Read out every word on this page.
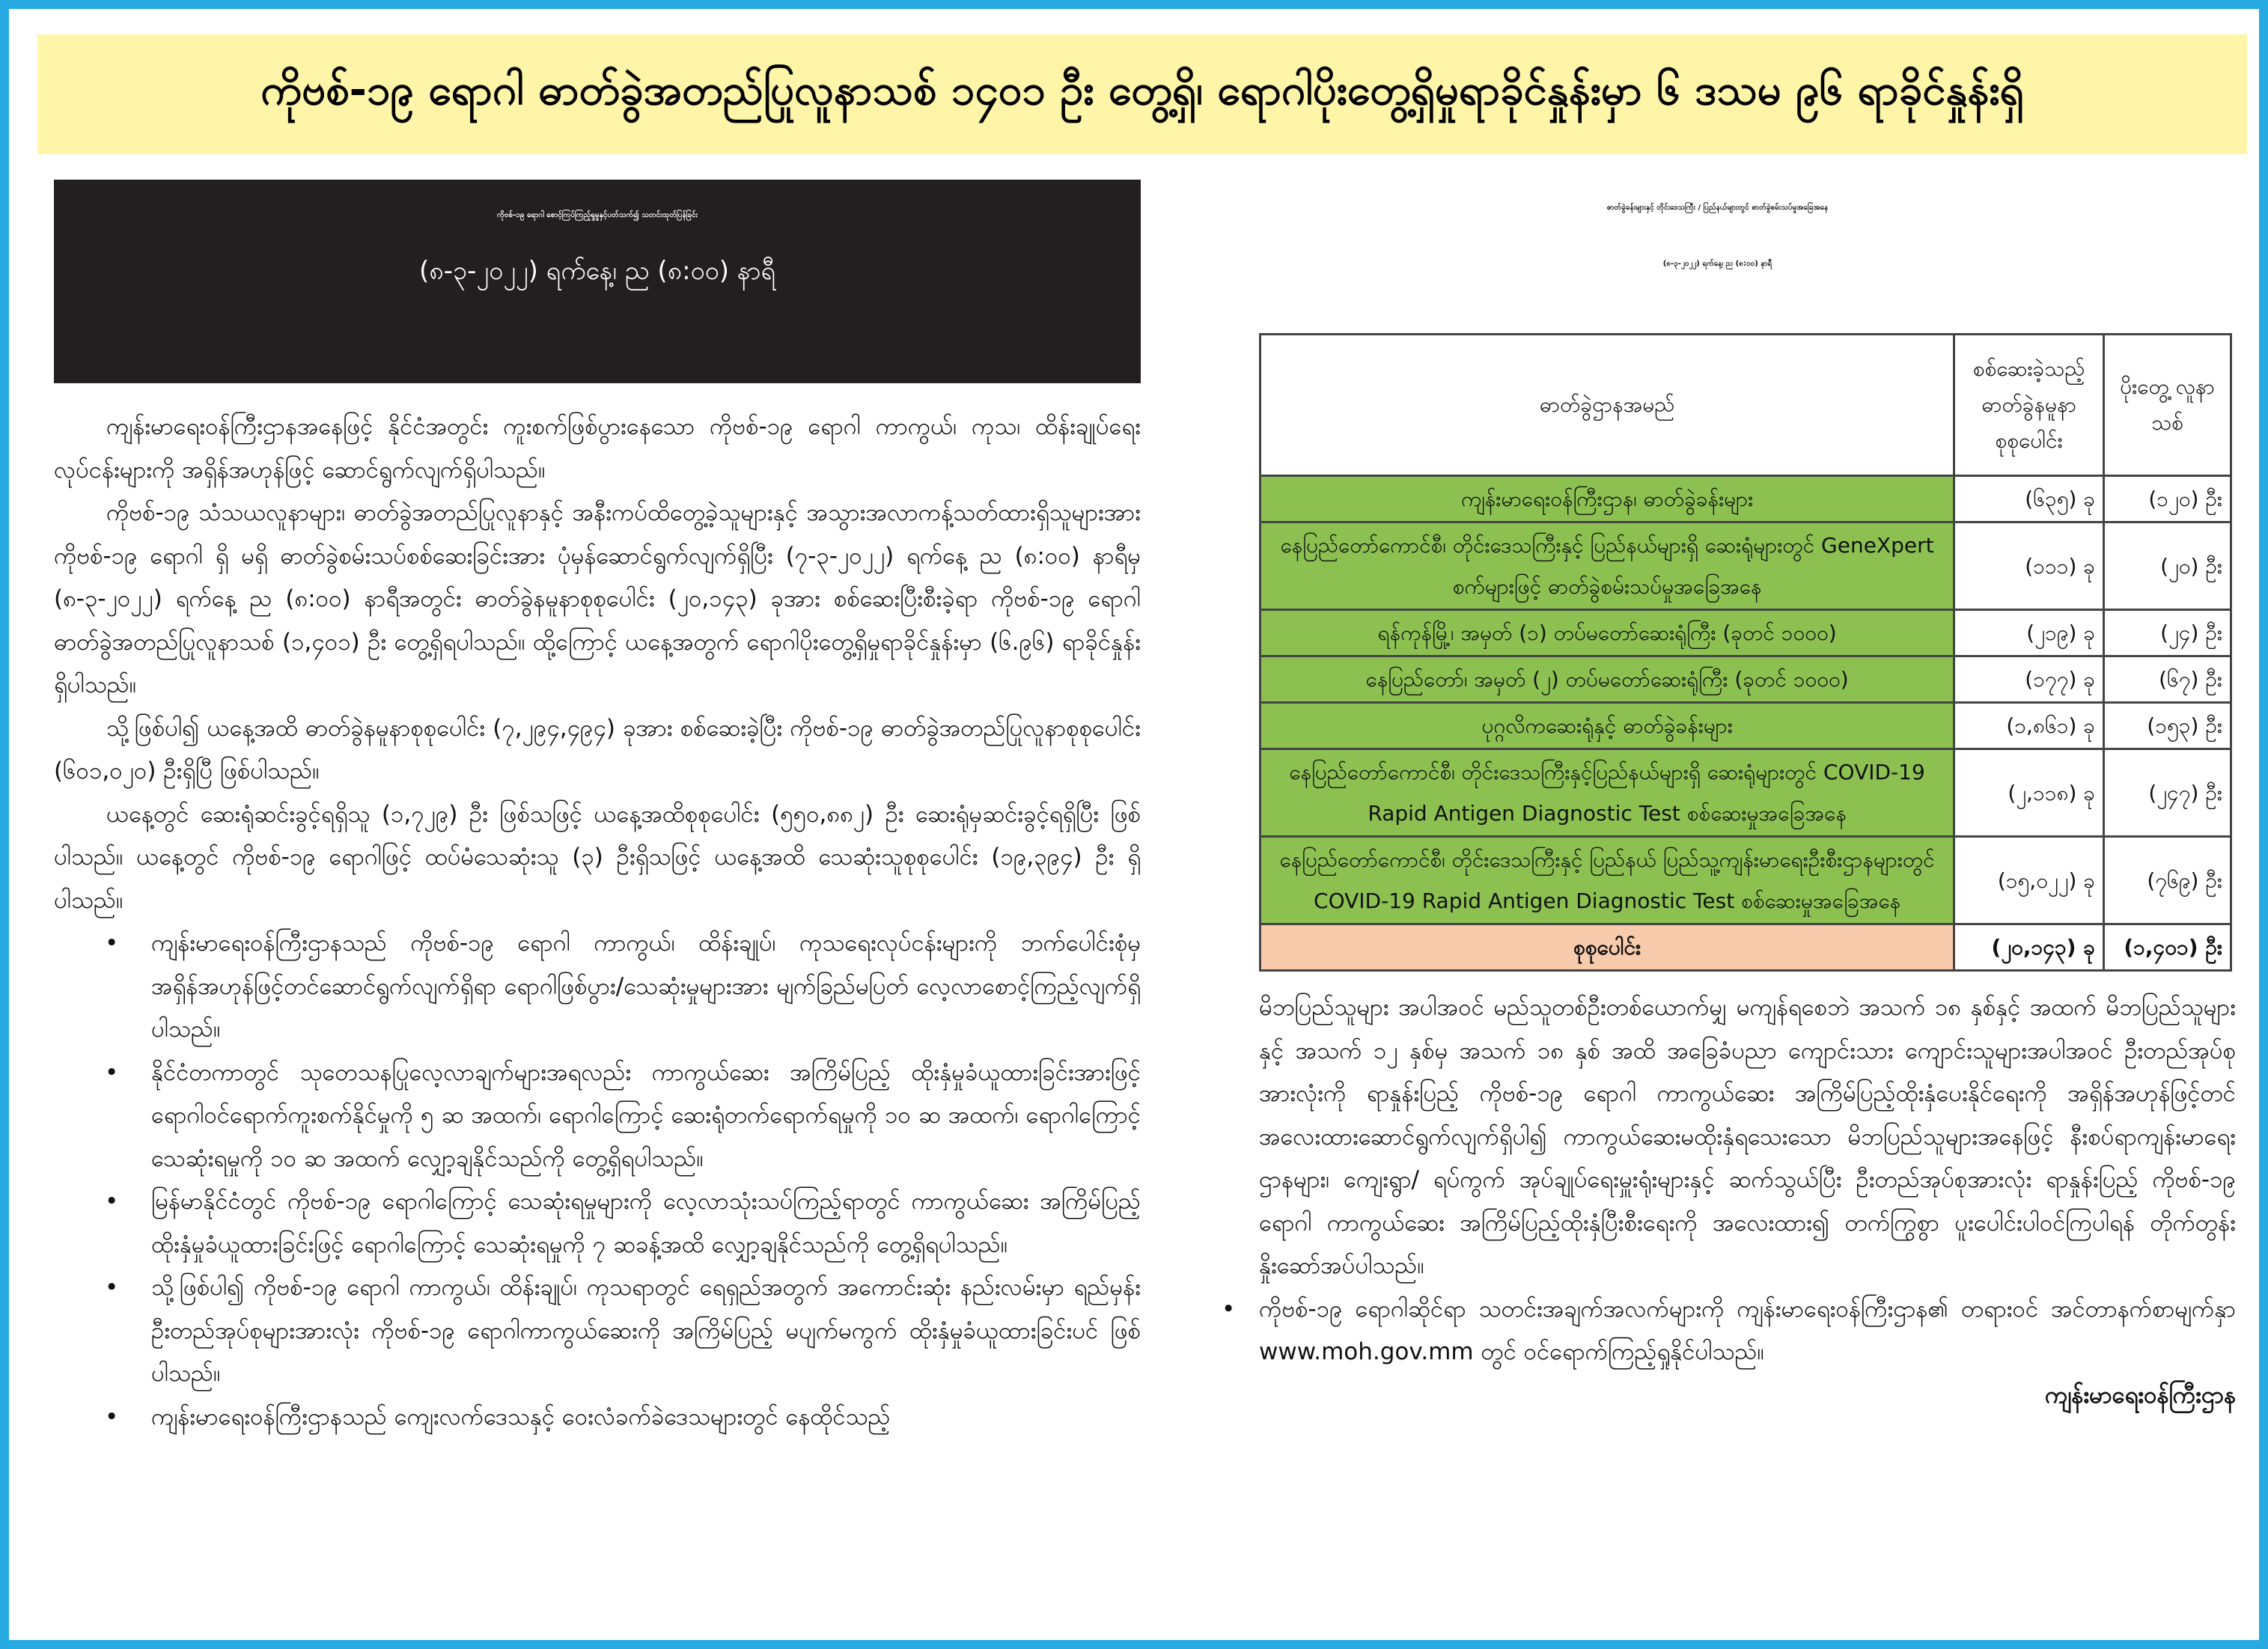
ကိုဗစ်-၁၉ ရောဂါ ဓာတ်ခွဲအတည်ပြုလူနာသစ် ၁၄၀၁ ဦး တွေ့ရှိ၊ ရောဂါပိုးတွေ့ရှိမှုရာခိုင်နှုန်းမှာ ၆ ဒသမ ၉၆ ရာခိုင်နှုန်းရှိ
ကိုဗစ်-၁၉ ရောဂါ စောင့်ကြပ်ကြည့်ရှုမှုနှင့်ပတ်သက်၍ သတင်းထုတ်ပြန်ခြင်း
(၈-၃-၂၀၂၂) ရက်နေ့၊ ည (၈:၀၀) နာရီ

ကျန်းမာရေးဝန်ကြီးဌာနအနေဖြင့် နိုင်ငံအတွင်း ကူးစက်ဖြစ်ပွားနေသော ကိုဗစ်-၁၉ ရောဂါ ကာကွယ်၊ ကုသ၊ ထိန်းချုပ်ရေးလုပ်ငန်းများကို အရှိန်အဟုန်ဖြင့် ဆောင်ရွက်လျက်ရှိပါသည်။

ကိုဗစ်-၁၉ သံသယလူနာများ၊ ဓာတ်ခွဲအတည်ပြုလူနာနှင့် အနီးကပ်ထိတွေ့ခဲ့သူများနှင့် အသွားအလာကန့်သတ်ထားရှိသူများအား ကိုဗစ်-၁၉ ရောဂါ ရှိ မရှိ ဓာတ်ခွဲစမ်းသပ်စစ်ဆေးခြင်းအား ပုံမှန်ဆောင်ရွက်လျက်ရှိပြီး (၇-၃-၂၀၂၂) ရက်နေ့ ည (၈:၀၀) နာရီမှ (၈-၃-၂၀၂၂) ရက်နေ့ ည (၈:၀၀) နာရီအတွင်း ဓာတ်ခွဲနမူနာစုစုပေါင်း (၂၀,၁၄၃) ခုအား စစ်ဆေးပြီးစီးခဲ့ရာ ကိုဗစ်-၁၉ ရောဂါ ဓာတ်ခွဲအတည်ပြုလူနာသစ် (၁,၄၀၁) ဦး တွေ့ရှိရပါသည်။ ထို့ကြောင့် ယနေ့အတွက် ရောဂါပိုးတွေ့ရှိမှုရာခိုင်နှုန်းမှာ (၆.၉၆) ရာခိုင်နှုန်း ရှိပါသည်။

သို့ဖြစ်ပါ၍ ယနေ့အထိ ဓာတ်ခွဲနမူနာစုစုပေါင်း (၇,၂၉၄,၄၉၄) ခုအား စစ်ဆေးခဲ့ပြီး ကိုဗစ်-၁၉ ဓာတ်ခွဲအတည်ပြုလူနာစုစုပေါင်း (၆၀၁,၀၂၀) ဦးရှိပြီ ဖြစ်ပါသည်။

ယနေ့တွင် ဆေးရုံဆင်းခွင့်ရရှိသူ (၁,၇၂၉) ဦး ဖြစ်သဖြင့် ယနေ့အထိစုစုပေါင်း (၅၅၀,၈၈၂) ဦး ဆေးရုံမှဆင်းခွင့်ရရှိပြီး ဖြစ်ပါသည်။ ယနေ့တွင် ကိုဗစ်-၁၉ ရောဂါဖြင့် ထပ်မံသေဆုံးသူ (၃) ဦးရှိသဖြင့် ယနေ့အထိ သေဆုံးသူစုစုပေါင်း (၁၉,၃၉၄) ဦး ရှိပါသည်။

• ကျန်းမာရေးဝန်ကြီးဌာနသည် ကိုဗစ်-၁၉ ရောဂါ ကာကွယ်၊ ထိန်းချုပ်၊ ကုသရေးလုပ်ငန်းများကို ဘက်ပေါင်းစုံမှ အရှိန်အဟုန်ဖြင့်တင်ဆောင်ရွက်လျက်ရှိရာ ရောဂါဖြစ်ပွား/သေဆုံးမှုများအား မျက်ခြည်မပြတ် လေ့လာစောင့်ကြည့်လျက်ရှိပါသည်။
• နိုင်ငံတကာတွင် သုတေသနပြုလေ့လာချက်များအရလည်း ကာကွယ်ဆေး အကြိမ်ပြည့် ထိုးနှံမှုခံယူထားခြင်းအားဖြင့် ရောဂါဝင်ရောက်ကူးစက်နိုင်မှုကို ၅ ဆ အထက်၊ ရောဂါကြောင့် ဆေးရုံတက်ရောက်ရမှုကို ၁၀ ဆ အထက်၊ ရောဂါကြောင့်သေဆုံးရမှုကို ၁၀ ဆ အထက် လျှော့ချနိုင်သည်ကို တွေ့ရှိရပါသည်။
• မြန်မာနိုင်ငံတွင် ကိုဗစ်-၁၉ ရောဂါကြောင့် သေဆုံးရမှုများကို လေ့လာသုံးသပ်ကြည့်ရာတွင် ကာကွယ်ဆေး အကြိမ်ပြည့်ထိုးနှံမှုခံယူထားခြင်းဖြင့် ရောဂါကြောင့် သေဆုံးရမှုကို ၇ ဆခန့်အထိ လျှော့ချနိုင်သည်ကို တွေ့ရှိရပါသည်။
• သို့ဖြစ်ပါ၍ ကိုဗစ်-၁၉ ရောဂါ ကာကွယ်၊ ထိန်းချုပ်၊ ကုသရာတွင် ရေရှည်အတွက် အကောင်းဆုံး နည်းလမ်းမှာ ရည်မှန်းဦးတည်အုပ်စုများအားလုံး ကိုဗစ်-၁၉ ရောဂါကာကွယ်ဆေးကို အကြိမ်ပြည့် မပျက်မကွက် ထိုးနှံမှုခံယူထားခြင်းပင် ဖြစ်ပါသည်။
• ကျန်းမာရေးဝန်ကြီးဌာနသည် ကျေးလက်ဒေသနှင့် ဝေးလံခက်ခဲဒေသများတွင် နေထိုင်သည့်
ဓာတ်ခွဲခန်းများနှင့် တိုင်းဒေသကြီး / ပြည်နယ်များတွင် ဓာတ်ခွဲစမ်းသပ်မှုအခြေအနေ
(၈-၃-၂၀၂၂) ရက်နေ့၊ ည (၈:၀၀) နာရီ
ဓာတ်ခွဲဌာနအမည်	စစ်ဆေးခဲ့သည့် ဓာတ်ခွဲနမူနာ စုစုပေါင်း	ပိုးတွေ့ လူနာသစ်
ကျန်းမာရေးဝန်ကြီးဌာန၊ ဓာတ်ခွဲခန်းများ	(၆၃၅) ခု	(၁၂၀) ဦး
နေပြည်တော်ကောင်စီ၊ တိုင်းဒေသကြီးနှင့် ပြည်နယ်များရှိ ဆေးရုံများတွင် GeneXpert စက်များဖြင့် ဓာတ်ခွဲစမ်းသပ်မှုအခြေအနေ	(၁၁၁) ခု	(၂၀) ဦး
ရန်ကုန်မြို့၊ အမှတ် (၁) တပ်မတော်ဆေးရုံကြီး (ခုတင် ၁၀၀၀)	(၂၁၉) ခု	(၂၄) ဦး
နေပြည်တော်၊ အမှတ် (၂) တပ်မတော်ဆေးရုံကြီး (ခုတင် ၁၀၀၀)	(၁၇၇) ခု	(၆၇) ဦး
ပုဂ္ဂလိကဆေးရုံနှင့် ဓာတ်ခွဲခန်းများ	(၁,၈၆၁) ခု	(၁၅၃) ဦး
နေပြည်တော်ကောင်စီ၊ တိုင်းဒေသကြီးနှင့်ပြည်နယ်များရှိ ဆေးရုံများတွင် COVID-19 Rapid Antigen Diagnostic Test စစ်ဆေးမှုအခြေအနေ	(၂,၁၁၈) ခု	(၂၄၇) ဦး
နေပြည်တော်ကောင်စီ၊ တိုင်းဒေသကြီးနှင့် ပြည်နယ် ပြည်သူ့ကျန်းမာရေးဦးစီးဌာနများတွင် COVID-19 Rapid Antigen Diagnostic Test စစ်ဆေးမှုအခြေအနေ	(၁၅,၀၂၂) ခု	(၇၆၉) ဦး
စုစုပေါင်း	(၂၀,၁၄၃) ခု	(၁,၄၀၁) ဦး

မိဘပြည်သူများ အပါအဝင် မည်သူတစ်ဦးတစ်ယောက်မျှ မကျန်ရစေဘဲ အသက် ၁၈ နှစ်နှင့် အထက် မိဘပြည်သူများနှင့် အသက် ၁၂ နှစ်မှ အသက် ၁၈ နှစ် အထိ အခြေခံပညာ ကျောင်းသား ကျောင်းသူများအပါအဝင် ဦးတည်အုပ်စုအားလုံးကို ရာနှုန်းပြည့် ကိုဗစ်-၁၉ ရောဂါ ကာကွယ်ဆေး အကြိမ်ပြည့်ထိုးနှံပေးနိုင်ရေးကို အရှိန်အဟုန်ဖြင့်တင် အလေးထားဆောင်ရွက်လျက်ရှိပါ၍ ကာကွယ်ဆေးမထိုးနှံရသေးသော မိဘပြည်သူများအနေဖြင့် နီးစပ်ရာကျန်းမာရေးဌာနများ၊ ကျေးရွာ/ ရပ်ကွက် အုပ်ချုပ်ရေးမှူးရုံးများနှင့် ဆက်သွယ်ပြီး ဦးတည်အုပ်စုအားလုံး ရာနှုန်းပြည့် ကိုဗစ်-၁၉ ရောဂါ ကာကွယ်ဆေး အကြိမ်ပြည့်ထိုးနှံပြီးစီးရေးကို အလေးထား၍ တက်ကြွစွာ ပူးပေါင်းပါဝင်ကြပါရန် တိုက်တွန်းနှိုးဆော်အပ်ပါသည်။

• ကိုဗစ်-၁၉ ရောဂါဆိုင်ရာ သတင်းအချက်အလက်များကို ကျန်းမာရေးဝန်ကြီးဌာန၏ တရားဝင် အင်တာနက်စာမျက်နှာ www.moh.gov.mm တွင် ဝင်ရောက်ကြည့်ရှုနိုင်ပါသည်။
ကျန်းမာရေးဝန်ကြီးဌာန
